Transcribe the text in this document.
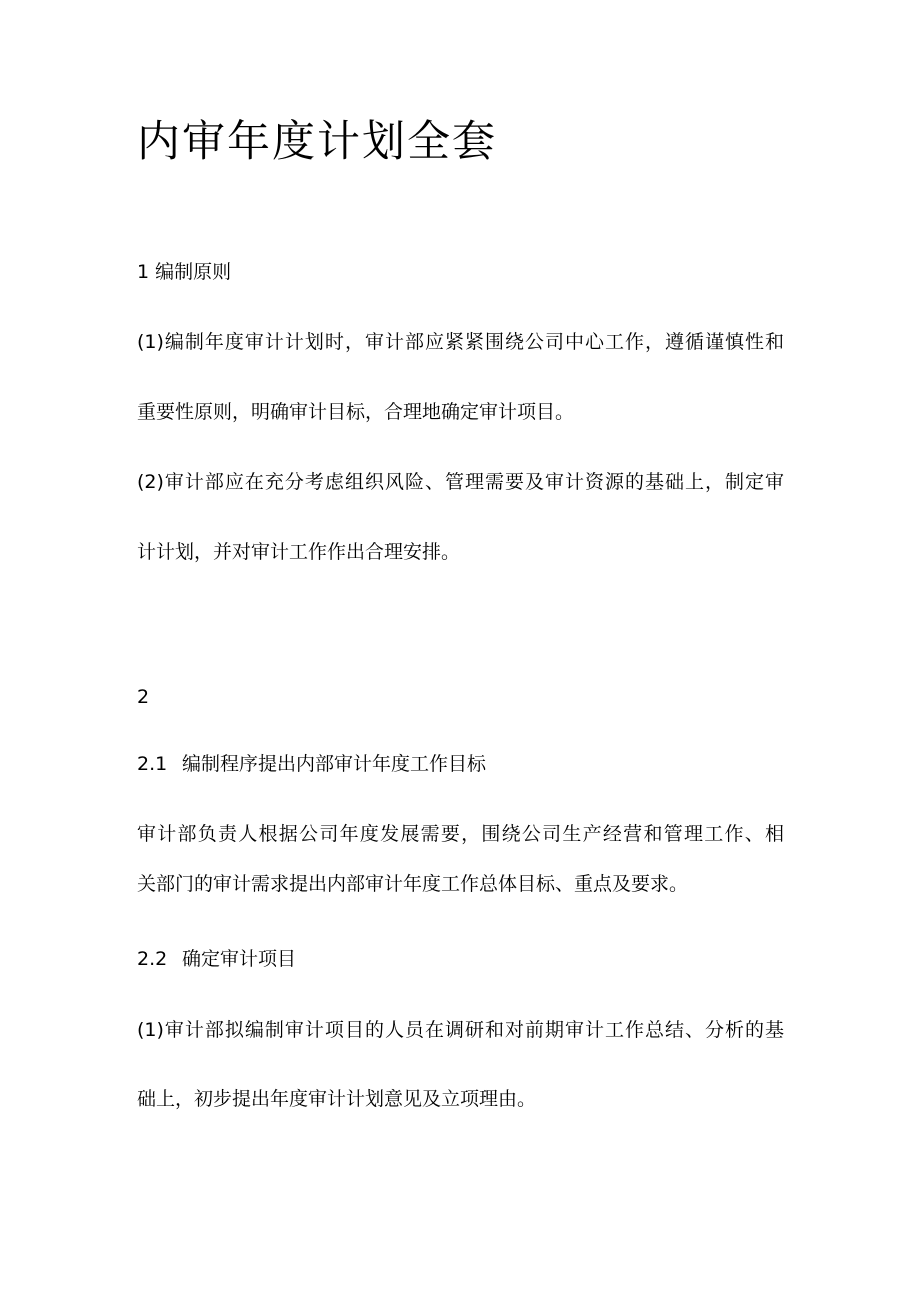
内审年度计划全套
1 编制原则
(1)编制年度审计计划时，审计部应紧紧围绕公司中心工作，遵循谨慎性和
重要性原则，明确审计目标，合理地确定审计项目。
(2)审计部应在充分考虑组织风险、管理需要及审计资源的基础上，制定审
计计划，并对审计工作作出合理安排。
2
2.1 编制程序提出内部审计年度工作目标
审计部负责人根据公司年度发展需要，围绕公司生产经营和管理工作、相
关部门的审计需求提出内部审计年度工作总体目标、重点及要求。
2.2 确定审计项目
(1)审计部拟编制审计项目的人员在调研和对前期审计工作总结、分析的基
础上，初步提出年度审计计划意见及立项理由。
